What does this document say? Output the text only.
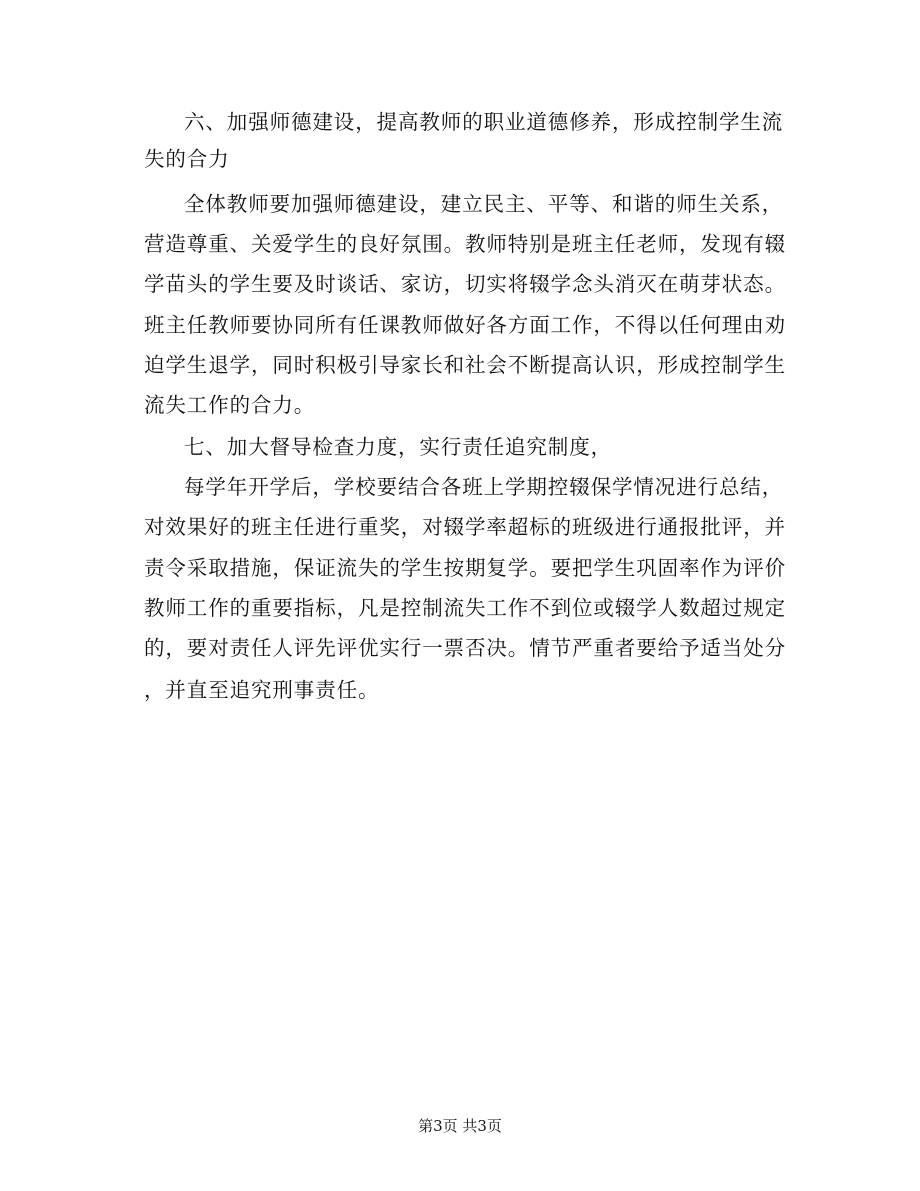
六、加强师德建设，提高教师的职业道德修养，形成控制学生流
失的合力
全体教师要加强师德建设，建立民主、平等、和谐的师生关系，
营造尊重、关爱学生的良好氛围。教师特别是班主任老师，发现有辍
学苗头的学生要及时谈话、家访，切实将辍学念头消灭在萌芽状态。
班主任教师要协同所有任课教师做好各方面工作，不得以任何理由劝
迫学生退学，同时积极引导家长和社会不断提高认识，形成控制学生
流失工作的合力。
七、加大督导检查力度，实行责任追究制度，
每学年开学后，学校要结合各班上学期控辍保学情况进行总结，
对效果好的班主任进行重奖，对辍学率超标的班级进行通报批评，并
责令采取措施，保证流失的学生按期复学。要把学生巩固率作为评价
教师工作的重要指标，凡是控制流失工作不到位或辍学人数超过规定
的，要对责任人评先评优实行一票否决。情节严重者要给予适当处分
，并直至追究刑事责任。
第3页 共3页
